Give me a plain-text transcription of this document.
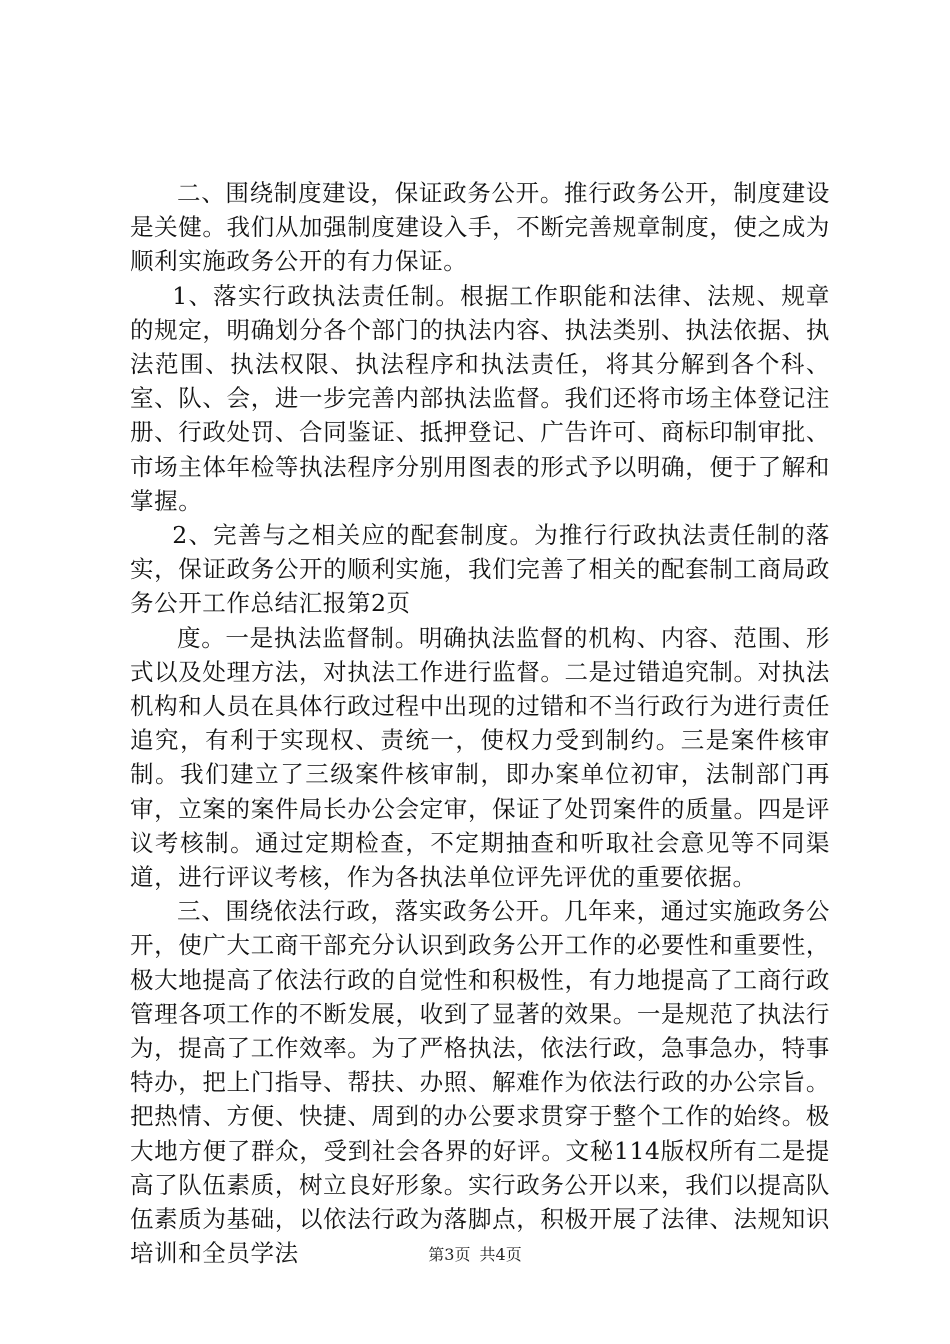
二、围绕制度建设，保证政务公开。推行政务公开，制度建设是关健。我们从加强制度建设入手，不断完善规章制度，使之成为顺利实施政务公开的有力保证。

1、落实行政执法责任制。根据工作职能和法律、法规、规章的规定，明确划分各个部门的执法内容、执法类别、执法依据、执法范围、执法权限、执法程序和执法责任，将其分解到各个科、室、队、会，进一步完善内部执法监督。我们还将市场主体登记注册、行政处罚、合同鉴证、抵押登记、广告许可、商标印制审批、市场主体年检等执法程序分别用图表的形式予以明确，便于了解和掌握。

2、完善与之相关应的配套制度。为推行行政执法责任制的落实，保证政务公开的顺利实施，我们完善了相关的配套制工商局政务公开工作总结汇报第2页

度。一是执法监督制。明确执法监督的机构、内容、范围、形式以及处理方法，对执法工作进行监督。二是过错追究制。对执法机构和人员在具体行政过程中出现的过错和不当行政行为进行责任追究，有利于实现权、责统一，使权力受到制约。三是案件核审制。我们建立了三级案件核审制，即办案单位初审，法制部门再审，立案的案件局长办公会定审，保证了处罚案件的质量。四是评议考核制。通过定期检查，不定期抽查和听取社会意见等不同渠道，进行评议考核，作为各执法单位评先评优的重要依据。

三、围绕依法行政，落实政务公开。几年来，通过实施政务公开，使广大工商干部充分认识到政务公开工作的必要性和重要性，极大地提高了依法行政的自觉性和积极性，有力地提高了工商行政管理各项工作的不断发展，收到了显著的效果。一是规范了执法行为，提高了工作效率。为了严格执法，依法行政，急事急办，特事特办，把上门指导、帮扶、办照、解难作为依法行政的办公宗旨。把热情、方便、快捷、周到的办公要求贯穿于整个工作的始终。极大地方便了群众，受到社会各界的好评。文秘114版权所有二是提高了队伍素质，树立良好形象。实行政务公开以来，我们以提高队伍素质为基础，以依法行政为落脚点，积极开展了法律、法规知识培训和全员学法	第3页 共4页
